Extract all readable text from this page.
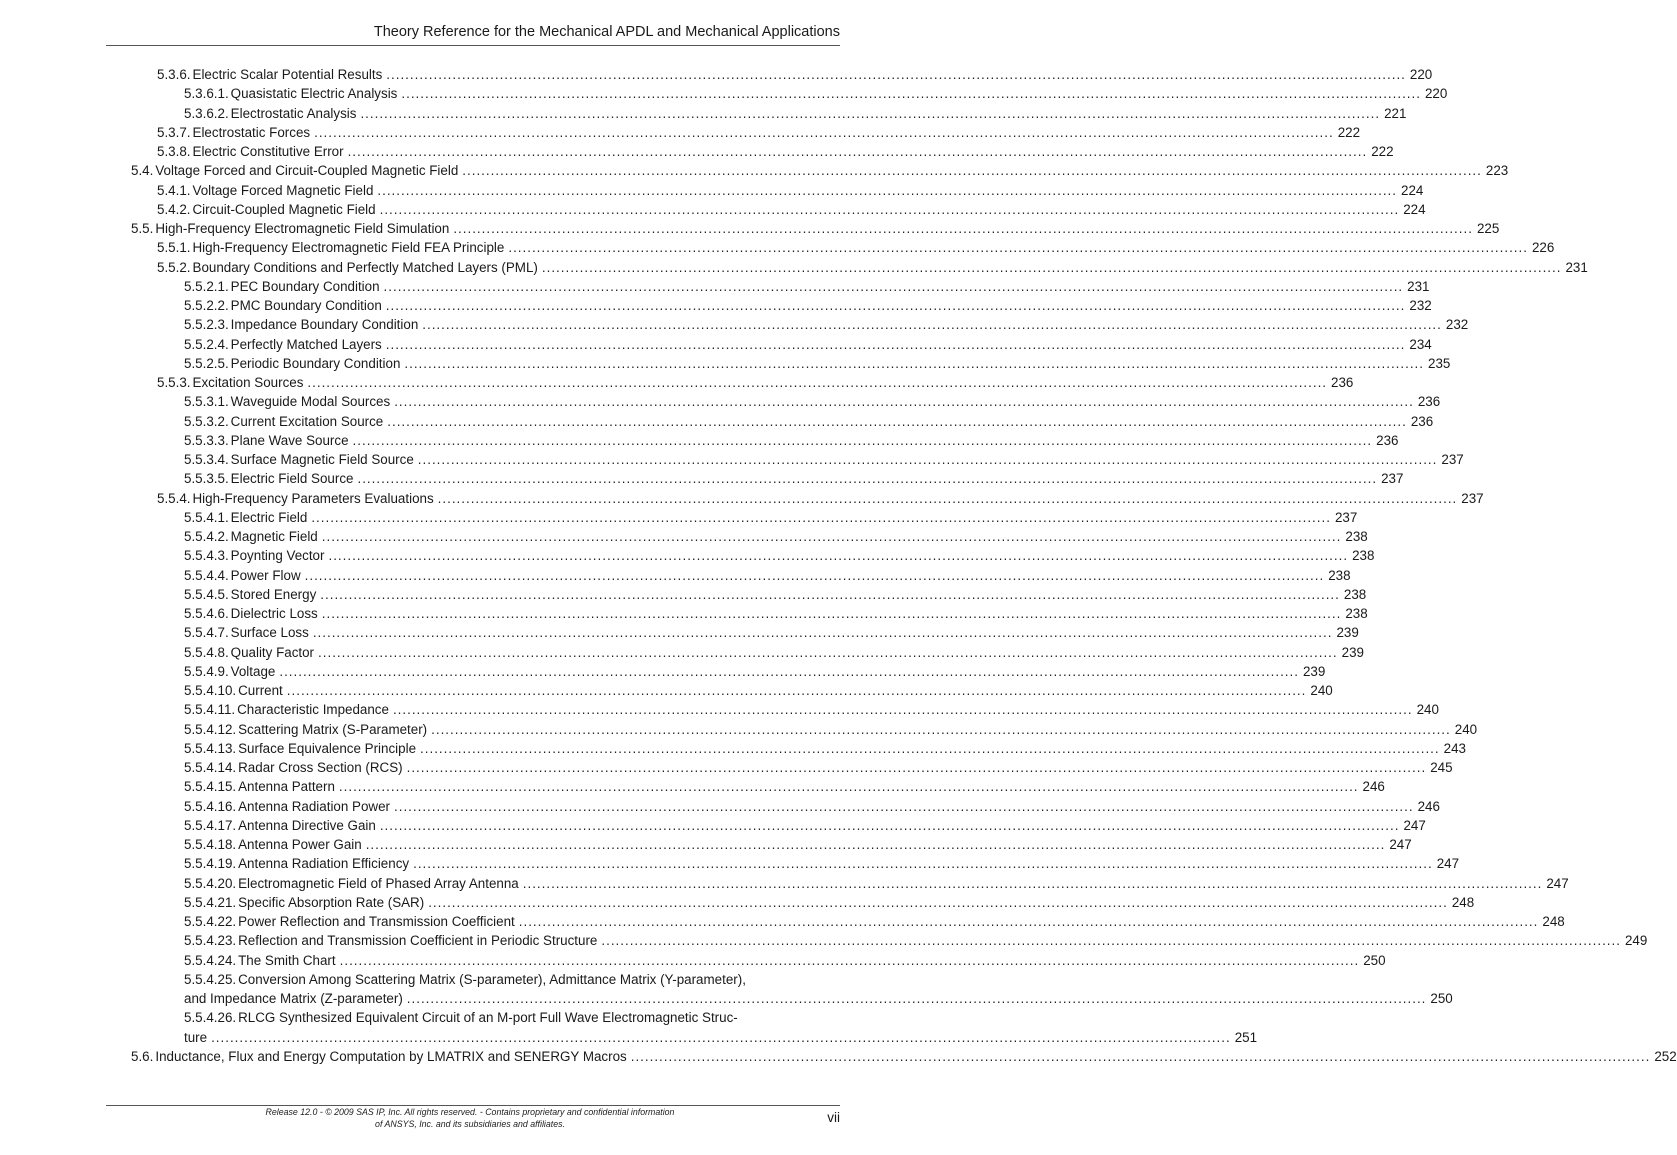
Theory Reference for the Mechanical APDL and Mechanical Applications
5.3.6. Electric Scalar Potential Results .....	220
5.3.6.1. Quasistatic Electric Analysis .....	220
5.3.6.2. Electrostatic Analysis .....	221
5.3.7. Electrostatic Forces .....	222
5.3.8. Electric Constitutive Error .....	222
5.4. Voltage Forced and Circuit-Coupled Magnetic Field .....	223
5.4.1. Voltage Forced Magnetic Field .....	224
5.4.2. Circuit-Coupled Magnetic Field .....	224
5.5. High-Frequency Electromagnetic Field Simulation .....	225
5.5.1. High-Frequency Electromagnetic Field FEA Principle .....	226
5.5.2. Boundary Conditions and Perfectly Matched Layers (PML) .....	231
5.5.2.1. PEC Boundary Condition .....	231
5.5.2.2. PMC Boundary Condition .....	232
5.5.2.3. Impedance Boundary Condition .....	232
5.5.2.4. Perfectly Matched Layers .....	234
5.5.2.5. Periodic Boundary Condition .....	235
5.5.3. Excitation Sources .....	236
5.5.3.1. Waveguide Modal Sources .....	236
5.5.3.2. Current Excitation Source .....	236
5.5.3.3. Plane Wave Source .....	236
5.5.3.4. Surface Magnetic Field Source .....	237
5.5.3.5. Electric Field Source .....	237
5.5.4. High-Frequency Parameters Evaluations .....	237
5.5.4.1. Electric Field .....	237
5.5.4.2. Magnetic Field .....	238
5.5.4.3. Poynting Vector .....	238
5.5.4.4. Power Flow .....	238
5.5.4.5. Stored Energy .....	238
5.5.4.6. Dielectric Loss .....	238
5.5.4.7. Surface Loss .....	239
5.5.4.8. Quality Factor .....	239
5.5.4.9. Voltage .....	239
5.5.4.10. Current .....	240
5.5.4.11. Characteristic Impedance .....	240
5.5.4.12. Scattering Matrix (S-Parameter) .....	240
5.5.4.13. Surface Equivalence Principle .....	243
5.5.4.14. Radar Cross Section (RCS) .....	245
5.5.4.15. Antenna Pattern .....	246
5.5.4.16. Antenna Radiation Power .....	246
5.5.4.17. Antenna Directive Gain .....	247
5.5.4.18. Antenna Power Gain .....	247
5.5.4.19. Antenna Radiation Efficiency .....	247
5.5.4.20. Electromagnetic Field of Phased Array Antenna .....	247
5.5.4.21. Specific Absorption Rate (SAR) .....	248
5.5.4.22. Power Reflection and Transmission Coefficient .....	248
5.5.4.23. Reflection and Transmission Coefficient in Periodic Structure .....	249
5.5.4.24. The Smith Chart .....	250
5.5.4.25. Conversion Among Scattering Matrix (S-parameter), Admittance Matrix (Y-parameter),
and Impedance Matrix (Z-parameter) .....	250
5.5.4.26. RLCG Synthesized Equivalent Circuit of an M-port Full Wave Electromagnetic Struc-
ture .....	251
5.6. Inductance, Flux and Energy Computation by LMATRIX and SENERGY Macros .....	252
Release 12.0 - © 2009 SAS IP, Inc. All rights reserved. - Contains proprietary and confidential information
of ANSYS, Inc. and its subsidiaries and affiliates.	vii
